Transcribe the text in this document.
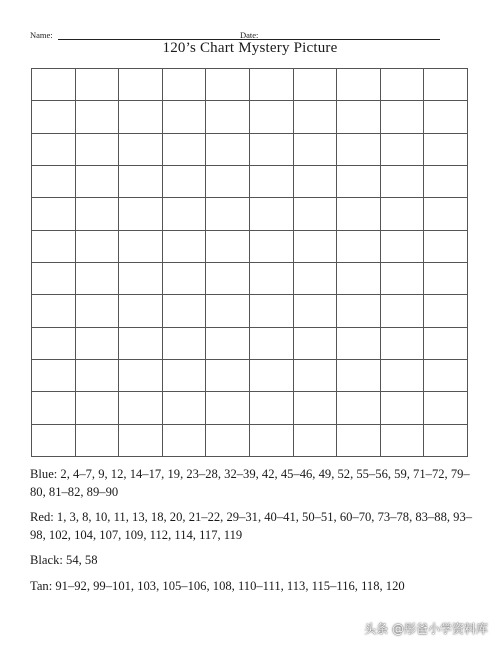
Name:	Date:
120’s Chart Mystery Picture

Blue: 2, 4–7, 9, 12, 14–17, 19, 23–28, 32–39, 42, 45–46, 49, 52, 55–56, 59, 71–72, 79–80, 81–82, 89–90

Red: 1, 3, 8, 10, 11, 13, 18, 20, 21–22, 29–31, 40–41, 50–51, 60–70, 73–78, 83–88, 93–98, 102, 104, 107, 109, 112, 114, 117, 119

Black: 54, 58

Tan: 91–92, 99–101, 103, 105–106, 108, 110–111, 113, 115–116, 118, 120

头条 @彤爸小学资料库
